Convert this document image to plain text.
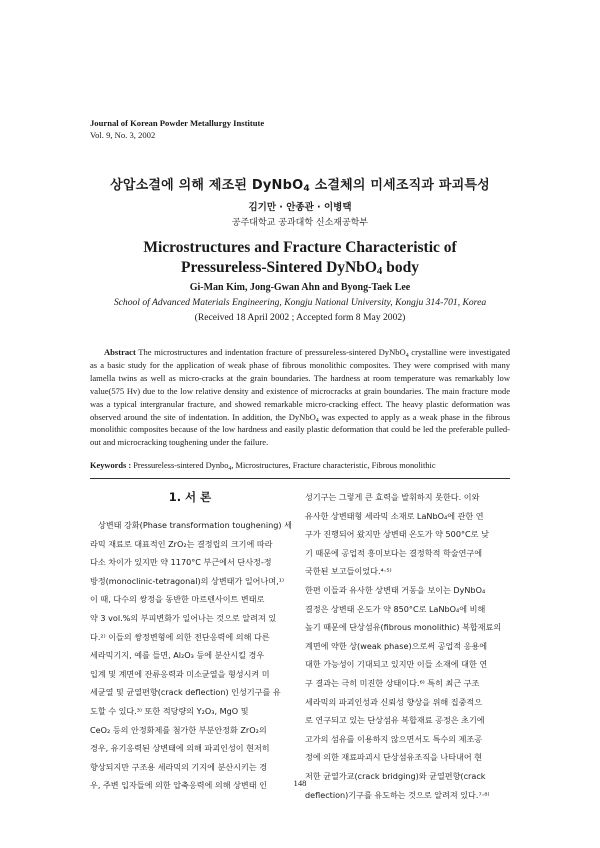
Journal of Korean Powder Metallurgy Institute
Vol. 9, No. 3, 2002
상압소결에 의해 제조된 DyNbO$_4$ 소결체의 미세조직과 파괴특성
김기만 · 안종관 · 이병택
공주대학교 공과대학 신소재공학부
Microstructures and Fracture Characteristic of
Pressureless-Sintered DyNbO$_4$ body
Gi-Man Kim, Jong-Gwan Ahn and Byong-Taek Lee
School of Advanced Materials Engineering, Kongju National University, Kongju 314-701, Korea
(Received 18 April 2002 ; Accepted form 8 May 2002)
Abstract The microstructures and indentation fracture of pressureless-sintered DyNbO$_4$ crystalline were investigated as a basic study for the application of weak phase of fibrous monolithic composites. They were comprised with many lamella twins as well as micro-cracks at the grain boundaries. The hardness at room temperature was remarkably low value(575 Hv) due to the low relative density and existence of microcracks at grain boundaries. The main fracture mode was a typical intergranular fracture, and showed remarkable micro-cracking effect. The heavy plastic deformation was observed around the site of indentation. In addition, the DyNbO$_4$ was expected to apply as a weak phase in the fibrous monolithic composites because of the low hardness and easily plastic deformation that could be led the preferable pulled-out and microcracking toughening under the failure.
Keywords : Pressureless-sintered Dynbo$_4$, Microstructures, Fracture characteristic, Fibrous monolithic
1. 서 론
상변태 강화(Phase transformation toughening) 세
라믹 재료로 대표적인 ZrO₂는 결정립의 크기에 따라
다소 차이가 있지만 약 1170°C 부근에서 단사정-정
방정(monoclinic-tetragonal)의 상변태가 일어나며,¹⁾
이 때, 다수의 쌍정을 동반한 마르텐사이트 변태로
약 3 vol.%의 부피변화가 일어나는 것으로 알려져 있
다.²⁾ 이들의 쌍정변형에 의한 전단응력에 의해 다른
세라믹기지, 예를 들면, Al₂O₃ 등에 분산시킬 경우
입계 및 계면에 잔류응력과 미소균열을 형성시켜 미
세균열 및 균열편향(crack deflection) 인성기구를 유
도할 수 있다.³⁾ 또한 적당량의 Y₂O₃, MgO 및
CeO₂ 등의 안정화제를 첨가한 부분안정화 ZrO₂의
경우, 유기응력된 상변태에 의해 파괴인성이 현저히
향상되지만 구조용 세라믹의 기지에 분산시키는 경
우, 주변 입자들에 의한 압축응력에 의해 상변태 인
성기구는 그렇게 큰 효력을 발휘하지 못한다. 이와
유사한 상변태형 세라믹 소재로 LaNbO₄에 관한 연
구가 진행되어 왔지만 상변태 온도가 약 500°C로 낮
기 때문에 공업적 흥미보다는 결정학적 학술연구에
국한된 보고들이었다.⁴·⁵⁾
한편 이들과 유사한 상변태 거동을 보이는 DyNbO₄
결정은 상변태 온도가 약 850°C로 LaNbO₄에 비해
높기 때문에 단상섬유(fibrous monolithic) 복합재료의
계면에 약한 상(weak phase)으로써 공업적 응용에
대한 가능성이 기대되고 있지만 이들 소재에 대한 연
구 결과는 극히 미진한 상태이다.⁶⁾ 특히 최근 구조
세라믹의 파괴인성과 신뢰성 향상을 위해 집중적으
로 연구되고 있는 단상섬유 복합재료 공정은 초기에
고가의 섬유를 이용하지 않으면서도 특수의 제조공
정에 의한 재료파괴시 단상섬유조직을 나타내어 현
저한 균열가교(crack bridging)와 균열편향(crack
deflection)기구를 유도하는 것으로 알려져 있다.⁷·⁸⁾
148
